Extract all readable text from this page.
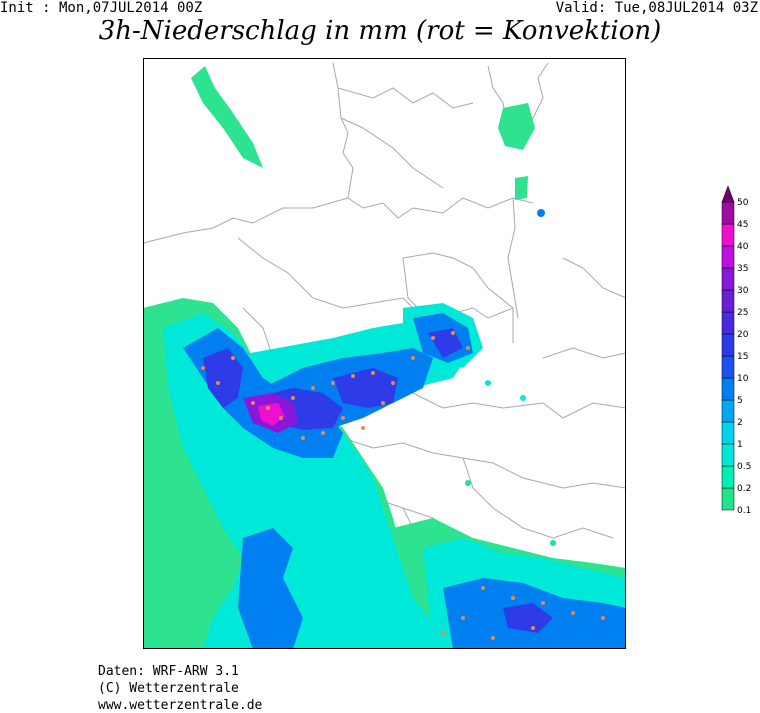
Init : Mon,07JUL2014 00Z	Valid: Tue,08JUL2014 03Z
3h-Niederschlag in mm (rot = Konvektion)
0.1
0.2
0.5
1
2
5
10
15
20
25
30
35
40
45
50
Daten: WRF-ARW 3.1
(C) Wetterzentrale
www.wetterzentrale.de
